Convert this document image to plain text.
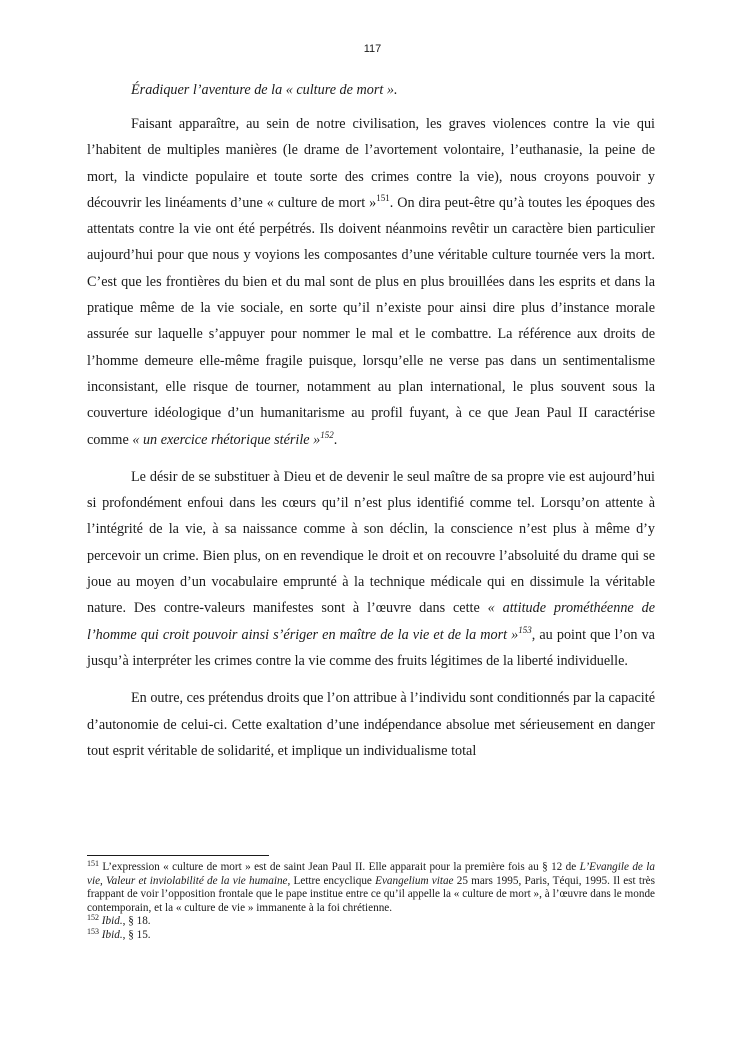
117

Éradiquer l’aventure de la « culture de mort ».

Faisant apparaître, au sein de notre civilisation, les graves violences contre la vie qui l’habitent de multiples manières (le drame de l’avortement volontaire, l’euthanasie, la peine de mort, la vindicte populaire et toute sorte des crimes contre la vie), nous croyons pouvoir y découvrir les linéaments d’une « culture de mort »$^{151}$. On dira peut-être qu’à toutes les époques des attentats contre la vie ont été perpétrés. Ils doivent néanmoins revêtir un caractère bien particulier aujourd’hui pour que nous y voyions les composantes d’une véritable culture tournée vers la mort. C’est que les frontières du bien et du mal sont de plus en plus brouillées dans les esprits et dans la pratique même de la vie sociale, en sorte qu’il n’existe pour ainsi dire plus d’instance morale assurée sur laquelle s’appuyer pour nommer le mal et le combattre. La référence aux droits de l’homme demeure elle-même fragile puisque, lorsqu’elle ne verse pas dans un sentimentalisme inconsistant, elle risque de tourner, notamment au plan international, le plus souvent sous la couverture idéologique d’un humanitarisme au profil fuyant, à ce que Jean Paul II caractérise comme « un exercice rhétorique stérile »$^{152}$.

Le désir de se substituer à Dieu et de devenir le seul maître de sa propre vie est aujourd’hui si profondément enfoui dans les cœurs qu’il n’est plus identifié comme tel. Lorsqu’on attente à l’intégrité de la vie, à sa naissance comme à son déclin, la conscience n’est plus à même d’y percevoir un crime. Bien plus, on en revendique le droit et on recouvre l’absoluité du drame qui se joue au moyen d’un vocabulaire emprunté à la technique médicale qui en dissimule la véritable nature. Des contre-valeurs manifestes sont à l’œuvre dans cette « attitude prométhéenne de l’homme qui croit pouvoir ainsi s’ériger en maître de la vie et de la mort »$^{153}$, au point que l’on va jusqu’à interpréter les crimes contre la vie comme des fruits légitimes de la liberté individuelle.

En outre, ces prétendus droits que l’on attribue à l’individu sont conditionnés par la capacité d’autonomie de celui-ci. Cette exaltation d’une indépendance absolue met sérieusement en danger tout esprit véritable de solidarité, et implique un individualisme total

$^{151}$ L’expression « culture de mort » est de saint Jean Paul II. Elle apparait pour la première fois au § 12 de L’Evangile de la vie, Valeur et inviolabilité de la vie humaine, Lettre encyclique Evangelium vitae 25 mars 1995, Paris, Téqui, 1995. Il est très frappant de voir l’opposition frontale que le pape institue entre ce qu’il appelle la « culture de mort », à l’œuvre dans le monde contemporain, et la « culture de vie » immanente à la foi chrétienne.

$^{152}$ Ibid., § 18.

$^{153}$ Ibid., § 15.
